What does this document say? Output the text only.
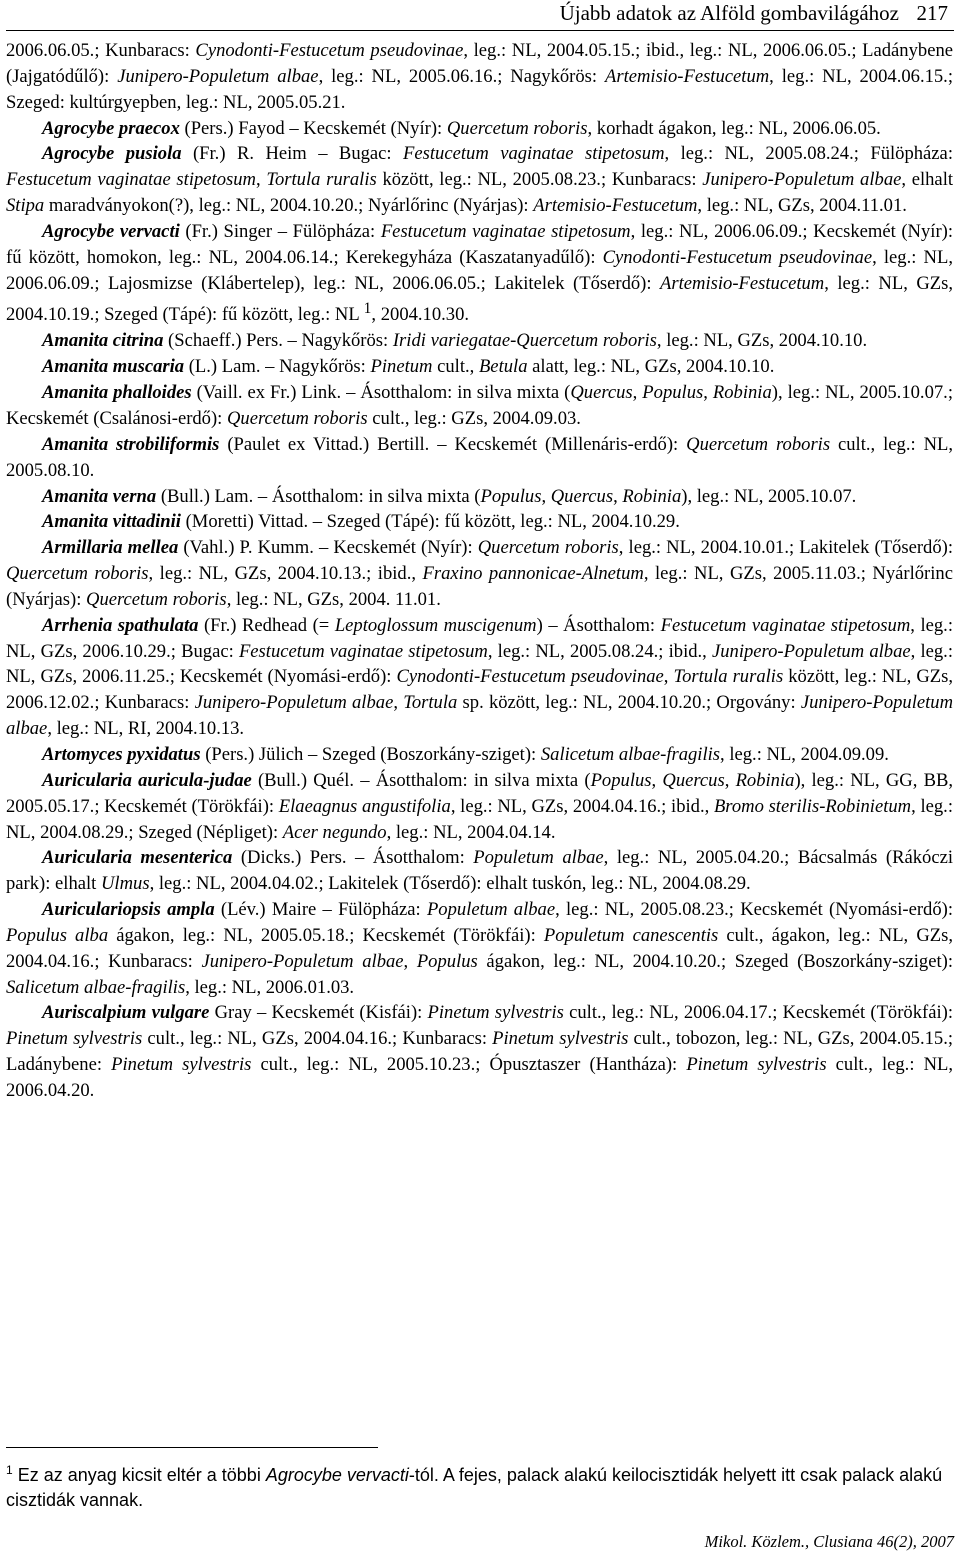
Újabb adatok az Alföld gombavilágához 217

2006.06.05.; Kunbaracs: Cynodonti-Festucetum pseudovinae, leg.: NL, 2004.05.15.; ibid., leg.: NL, 2006.06.05.; Ladánybene (Jajgatódűlő): Junipero-Populetum albae, leg.: NL, 2005.06.16.; Nagykőrös: Artemisio-Festucetum, leg.: NL, 2004.06.15.; Szeged: kultúrgyepben, leg.: NL, 2005.05.21.

Agrocybe praecox (Pers.) Fayod – Kecskemét (Nyír): Quercetum roboris, korhadt ágakon, leg.: NL, 2006.06.05.

Agrocybe pusiola (Fr.) R. Heim – Bugac: Festucetum vaginatae stipetosum, leg.: NL, 2005.08.24.; Fülöpháza: Festucetum vaginatae stipetosum, Tortula ruralis között, leg.: NL, 2005.08.23.; Kunbaracs: Junipero-Populetum albae, elhalt Stipa maradványokon(?), leg.: NL, 2004.10.20.; Nyárlőrinc (Nyárjas): Artemisio-Festucetum, leg.: NL, GZs, 2004.11.01.

Agrocybe vervacti (Fr.) Singer – Fülöpháza: Festucetum vaginatae stipetosum, leg.: NL, 2006.06.09.; Kecskemét (Nyír): fű között, homokon, leg.: NL, 2004.06.14.; Kerekegyháza (Kaszatanyadűlő): Cynodonti-Festucetum pseudovinae, leg.: NL, 2006.06.09.; Lajosmizse (Klábertelep), leg.: NL, 2006.06.05.; Lakitelek (Tőserdő): Artemisio-Festucetum, leg.: NL, GZs, 2004.10.19.; Szeged (Tápé): fű között, leg.: NL $^1$, 2004.10.30.

Amanita citrina (Schaeff.) Pers. – Nagykőrös: Iridi variegatae-Quercetum roboris, leg.: NL, GZs, 2004.10.10.

Amanita muscaria (L.) Lam. – Nagykőrös: Pinetum cult., Betula alatt, leg.: NL, GZs, 2004.10.10.

Amanita phalloides (Vaill. ex Fr.) Link. – Ásotthalom: in silva mixta (Quercus, Populus, Robinia), leg.: NL, 2005.10.07.; Kecskemét (Csalánosi-erdő): Quercetum roboris cult., leg.: GZs, 2004.09.03.

Amanita strobiliformis (Paulet ex Vittad.) Bertill. – Kecskemét (Millenáris-erdő): Quercetum roboris cult., leg.: NL, 2005.08.10.

Amanita verna (Bull.) Lam. – Ásotthalom: in silva mixta (Populus, Quercus, Robinia), leg.: NL, 2005.10.07.

Amanita vittadinii (Moretti) Vittad. – Szeged (Tápé): fű között, leg.: NL, 2004.10.29.

Armillaria mellea (Vahl.) P. Kumm. – Kecskemét (Nyír): Quercetum roboris, leg.: NL, 2004.10.01.; Lakitelek (Tőserdő): Quercetum roboris, leg.: NL, GZs, 2004.10.13.; ibid., Fraxino pannonicae-Alnetum, leg.: NL, GZs, 2005.11.03.; Nyárlőrinc (Nyárjas): Quercetum roboris, leg.: NL, GZs, 2004. 11.01.

Arrhenia spathulata (Fr.) Redhead (= Leptoglossum muscigenum) – Ásotthalom: Festucetum vaginatae stipetosum, leg.: NL, GZs, 2006.10.29.; Bugac: Festucetum vaginatae stipetosum, leg.: NL, 2005.08.24.; ibid., Junipero-Populetum albae, leg.: NL, GZs, 2006.11.25.; Kecskemét (Nyomási-erdő): Cynodonti-Festucetum pseudovinae, Tortula ruralis között, leg.: NL, GZs, 2006.12.02.; Kunbaracs: Junipero-Populetum albae, Tortula sp. között, leg.: NL, 2004.10.20.; Orgovány: Junipero-Populetum albae, leg.: NL, RI, 2004.10.13.

Artomyces pyxidatus (Pers.) Jülich – Szeged (Boszorkány-sziget): Salicetum albae-fragilis, leg.: NL, 2004.09.09.

Auricularia auricula-judae (Bull.) Quél. – Ásotthalom: in silva mixta (Populus, Quercus, Robinia), leg.: NL, GG, BB, 2005.05.17.; Kecskemét (Törökfái): Elaeagnus angustifolia, leg.: NL, GZs, 2004.04.16.; ibid., Bromo sterilis-Robinietum, leg.: NL, 2004.08.29.; Szeged (Népliget): Acer negundo, leg.: NL, 2004.04.14.

Auricularia mesenterica (Dicks.) Pers. – Ásotthalom: Populetum albae, leg.: NL, 2005.04.20.; Bácsalmás (Rákóczi park): elhalt Ulmus, leg.: NL, 2004.04.02.; Lakitelek (Tőserdő): elhalt tuskón, leg.: NL, 2004.08.29.

Auriculariopsis ampla (Lév.) Maire – Fülöpháza: Populetum albae, leg.: NL, 2005.08.23.; Kecskemét (Nyomási-erdő): Populus alba ágakon, leg.: NL, 2005.05.18.; Kecskemét (Törökfái): Populetum canescentis cult., ágakon, leg.: NL, GZs, 2004.04.16.; Kunbaracs: Junipero-Populetum albae, Populus ágakon, leg.: NL, 2004.10.20.; Szeged (Boszorkány-sziget): Salicetum albae-fragilis, leg.: NL, 2006.01.03.

Auriscalpium vulgare Gray – Kecskemét (Kisfái): Pinetum sylvestris cult., leg.: NL, 2006.04.17.; Kecskemét (Törökfái): Pinetum sylvestris cult., leg.: NL, GZs, 2004.04.16.; Kunbaracs: Pinetum sylvestris cult., tobozon, leg.: NL, GZs, 2004.05.15.; Ladánybene: Pinetum sylvestris cult., leg.: NL, 2005.10.23.; Ópusztaszer (Hantháza): Pinetum sylvestris cult., leg.: NL, 2006.04.20.

$^1$ Ez az anyag kicsit eltér a többi Agrocybe vervacti-tól. A fejes, palack alakú keilocisztidák helyett itt csak palack alakú cisztidák vannak.
Mikol. Közlem., Clusiana 46(2), 2007
